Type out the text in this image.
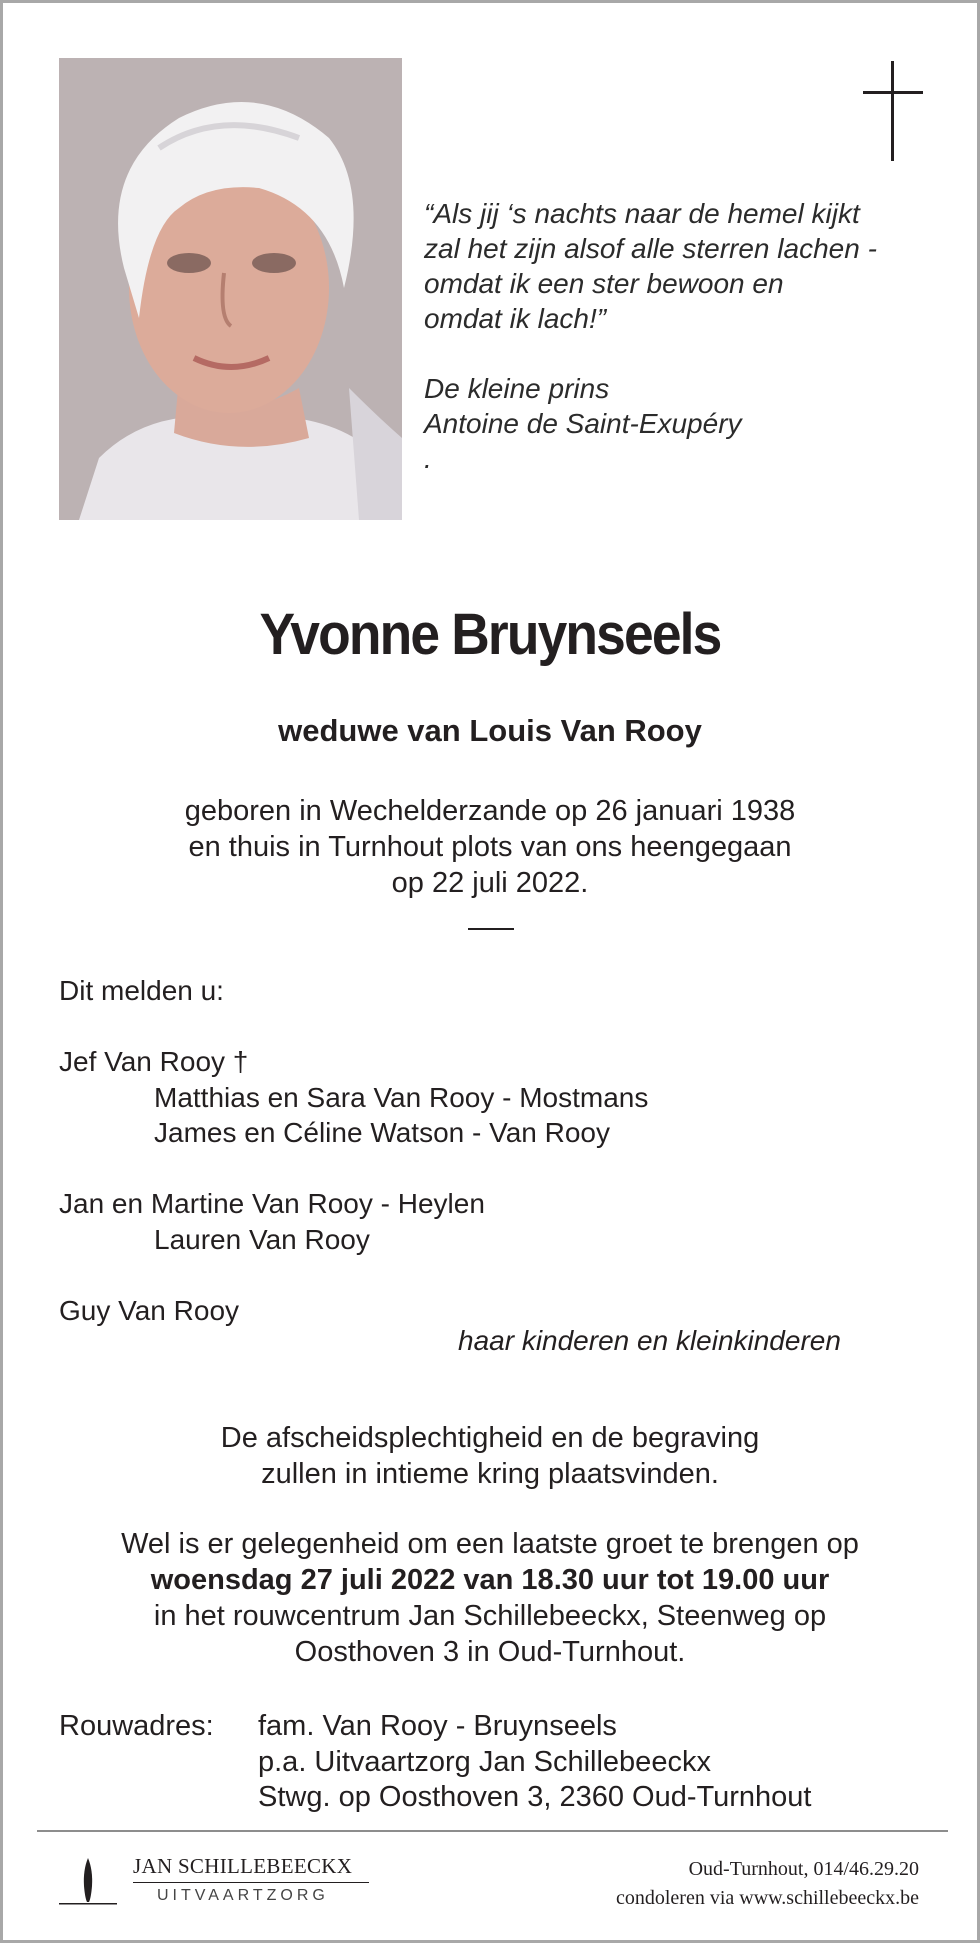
“Als jij ‘s nachts naar de hemel kijkt
zal het zijn alsof alle sterren lachen -
omdat ik een ster bewoon en
omdat ik lach!”
De kleine prins
Antoine de Saint-Exupéry
.
Yvonne Bruynseels
weduwe van Louis Van Rooy
geboren in Wechelderzande op 26 januari 1938
en thuis in Turnhout plots van ons heengegaan
op 22 juli 2022.
Dit melden u:
Jef Van Rooy †
Matthias en Sara Van Rooy - Mostmans
James en Céline Watson - Van Rooy
Jan en Martine Van Rooy - Heylen
Lauren Van Rooy
Guy Van Rooy
haar kinderen en kleinkinderen
De afscheidsplechtigheid en de begraving
zullen in intieme kring plaatsvinden.
Wel is er gelegenheid om een laatste groet te brengen op
woensdag 27 juli 2022 van 18.30 uur tot 19.00 uur
in het rouwcentrum Jan Schillebeeckx, Steenweg op
Oosthoven 3 in Oud-Turnhout.
Rouwadres: fam. Van Rooy - Bruynseels
p.a. Uitvaartzorg Jan Schillebeeckx
Stwg. op Oosthoven 3, 2360 Oud-Turnhout
JAN SCHILLEBEECKX
UITVAARTZORG
Oud-Turnhout, 014/46.29.20
condoleren via www.schillebeeckx.be
